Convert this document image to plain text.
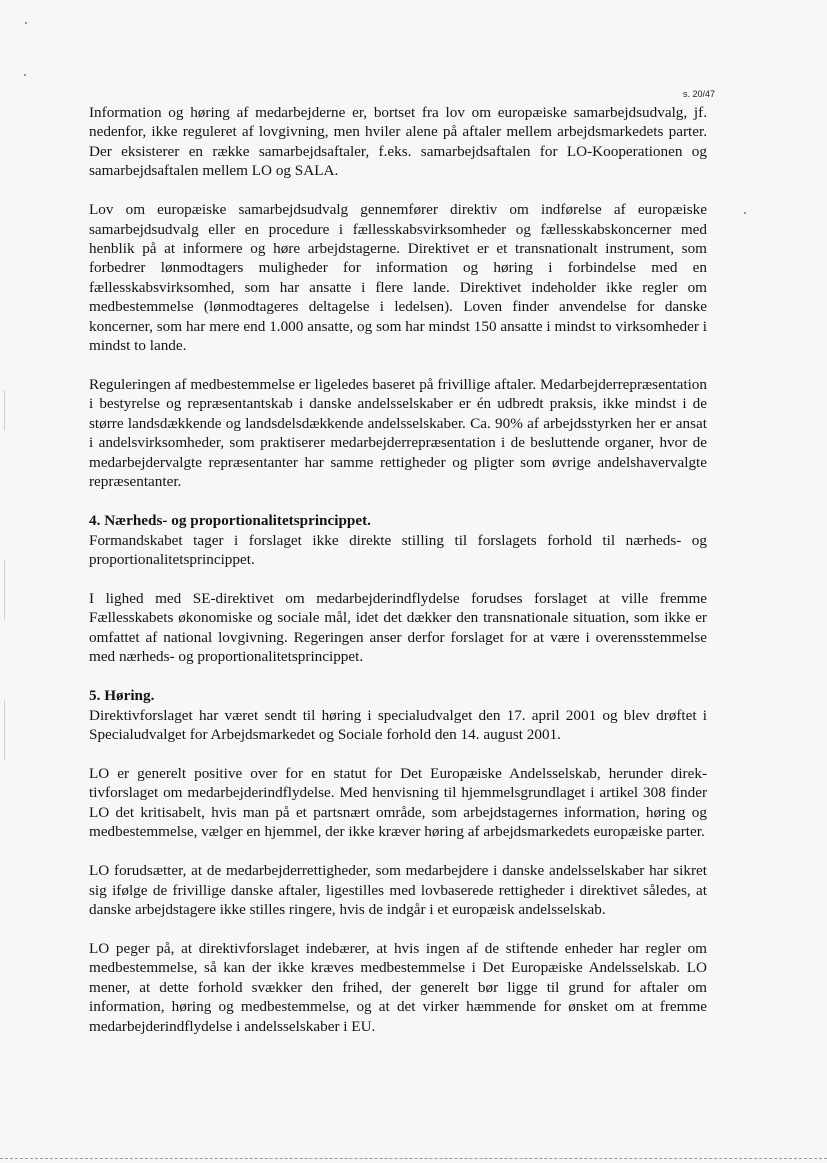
s. 20/47

Information og høring af medarbejderne er, bortset fra lov om europæiske samarbejdsudvalg, jf. nedenfor, ikke reguleret af lovgivning, men hviler alene på aftaler mellem arbejdsmarkedets parter. Der eksisterer en række samarbejdsaftaler, f.eks. samarbejdsaftalen for LO-Kooperationen og samarbejdsaftalen mellem LO og SALA.

Lov om europæiske samarbejdsudvalg gennemfører direktiv om indførelse af europæiske samarbejdsudvalg eller en procedure i fællesskabsvirksomheder og fællesskabskoncerner med henblik på at informere og høre arbejdstagerne. Direktivet er et transnationalt instrument, som forbedrer lønmodtagers muligheder for information og høring i forbindelse med en fællesskabsvirksomhed, som har ansatte i flere lande. Direktivet indeholder ikke regler om medbestemmelse (lønmodtageres deltagelse i ledelsen). Loven finder anvendelse for danske koncerner, som har mere end 1.000 ansatte, og som har mindst 150 ansatte i mindst to virksomheder i mindst to lande.

Reguleringen af medbestemmelse er ligeledes baseret på frivillige aftaler. Medarbejderrepræsentation i bestyrelse og repræsentantskab i danske andelsselskaber er én udbredt praksis, ikke mindst i de større landsdækkende og landsdelsdækkende andelsselskaber. Ca. 90% af arbejdsstyrken her er ansat i andelsvirksomheder, som praktiserer medarbejderrepræsentation i de besluttende organer, hvor de medarbejdervalgte repræsentanter har samme rettigheder og pligter som øvrige andelshavervalgte repræsentanter.

4. Nærheds- og proportionalitetsprincippet.

Formandskabet tager i forslaget ikke direkte stilling til forslagets forhold til nærheds- og proportionalitetsprincippet.

I lighed med SE-direktivet om medarbejderindflydelse forudses forslaget at ville fremme Fællesskabets økonomiske og sociale mål, idet det dækker den transnationale situation, som ikke er omfattet af national lovgivning. Regeringen anser derfor forslaget for at være i overensstemmelse med nærheds- og proportionalitetsprincippet.

5. Høring.

Direktivforslaget har været sendt til høring i specialudvalget den 17. april 2001 og blev drøftet i Specialudvalget for Arbejdsmarkedet og Sociale forhold den 14. august 2001.

LO er generelt positive over for en statut for Det Europæiske Andelsselskab, herunder direktivforslaget om medarbejderindflydelse. Med henvisning til hjemmelsgrundlaget i artikel 308 finder LO det kritisabelt, hvis man på et partsnært område, som arbejdstagernes information, høring og medbestemmelse, vælger en hjemmel, der ikke kræver høring af arbejdsmarkedets europæiske parter.

LO forudsætter, at de medarbejderrettigheder, som medarbejdere i danske andelsselskaber har sikret sig ifølge de frivillige danske aftaler, ligestilles med lovbaserede rettigheder i direktivet således, at danske arbejdstagere ikke stilles ringere, hvis de indgår i et europæisk andelsselskab.

LO peger på, at direktivforslaget indebærer, at hvis ingen af de stiftende enheder har regler om medbestemmelse, så kan der ikke kræves medbestemmelse i Det Europæiske Andelsselskab. LO mener, at dette forhold svækker den frihed, der generelt bør ligge til grund for aftaler om information, høring og medbestemmelse, og at det virker hæmmende for ønsket om at fremme medarbejderindflydelse i andelsselskaber i EU.
